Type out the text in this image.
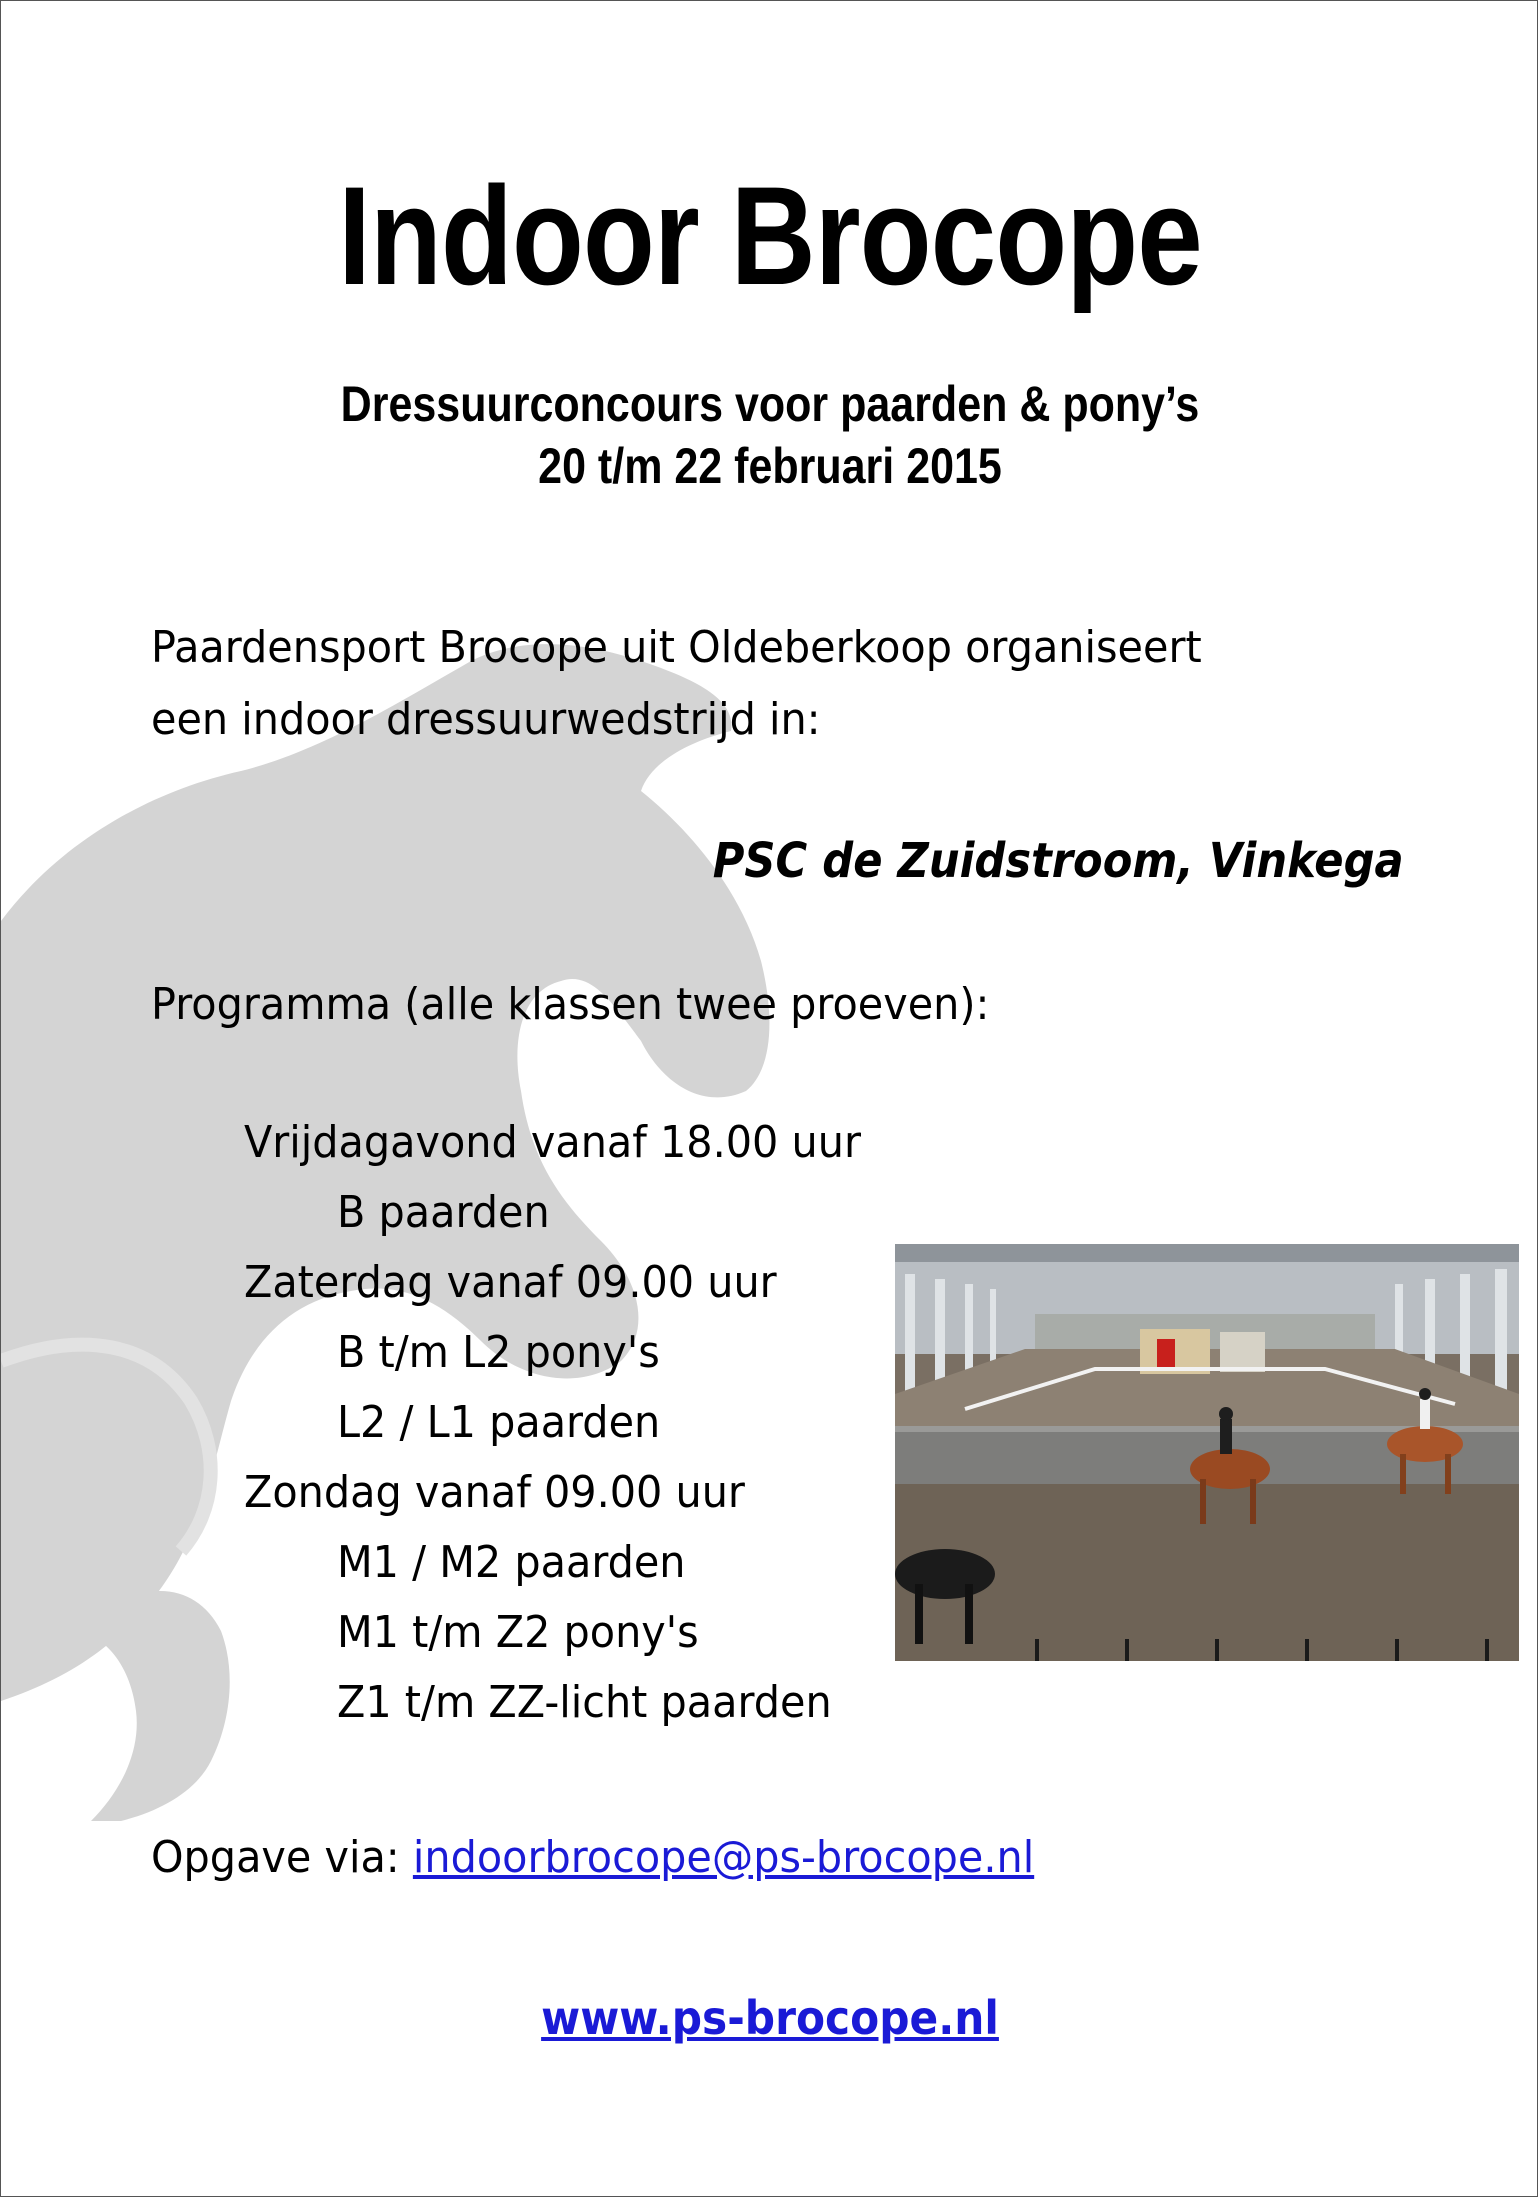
Indoor Brocope
Dressuurconcours voor paarden & pony’s
20 t/m 22 februari 2015
Paardensport Brocope uit Oldeberkoop organiseert
een indoor dressuurwedstrijd in:
PSC de Zuidstroom, Vinkega
Programma (alle klassen twee proeven):
Vrijdagavond vanaf 18.00 uur
B paarden
Zaterdag vanaf 09.00 uur
B t/m L2 pony's
L2 / L1 paarden
Zondag vanaf 09.00 uur
M1 / M2 paarden
M1 t/m Z2 pony's
Z1 t/m ZZ-licht paarden
Opgave via: indoorbrocope@ps-brocope.nl
www.ps-brocope.nl
